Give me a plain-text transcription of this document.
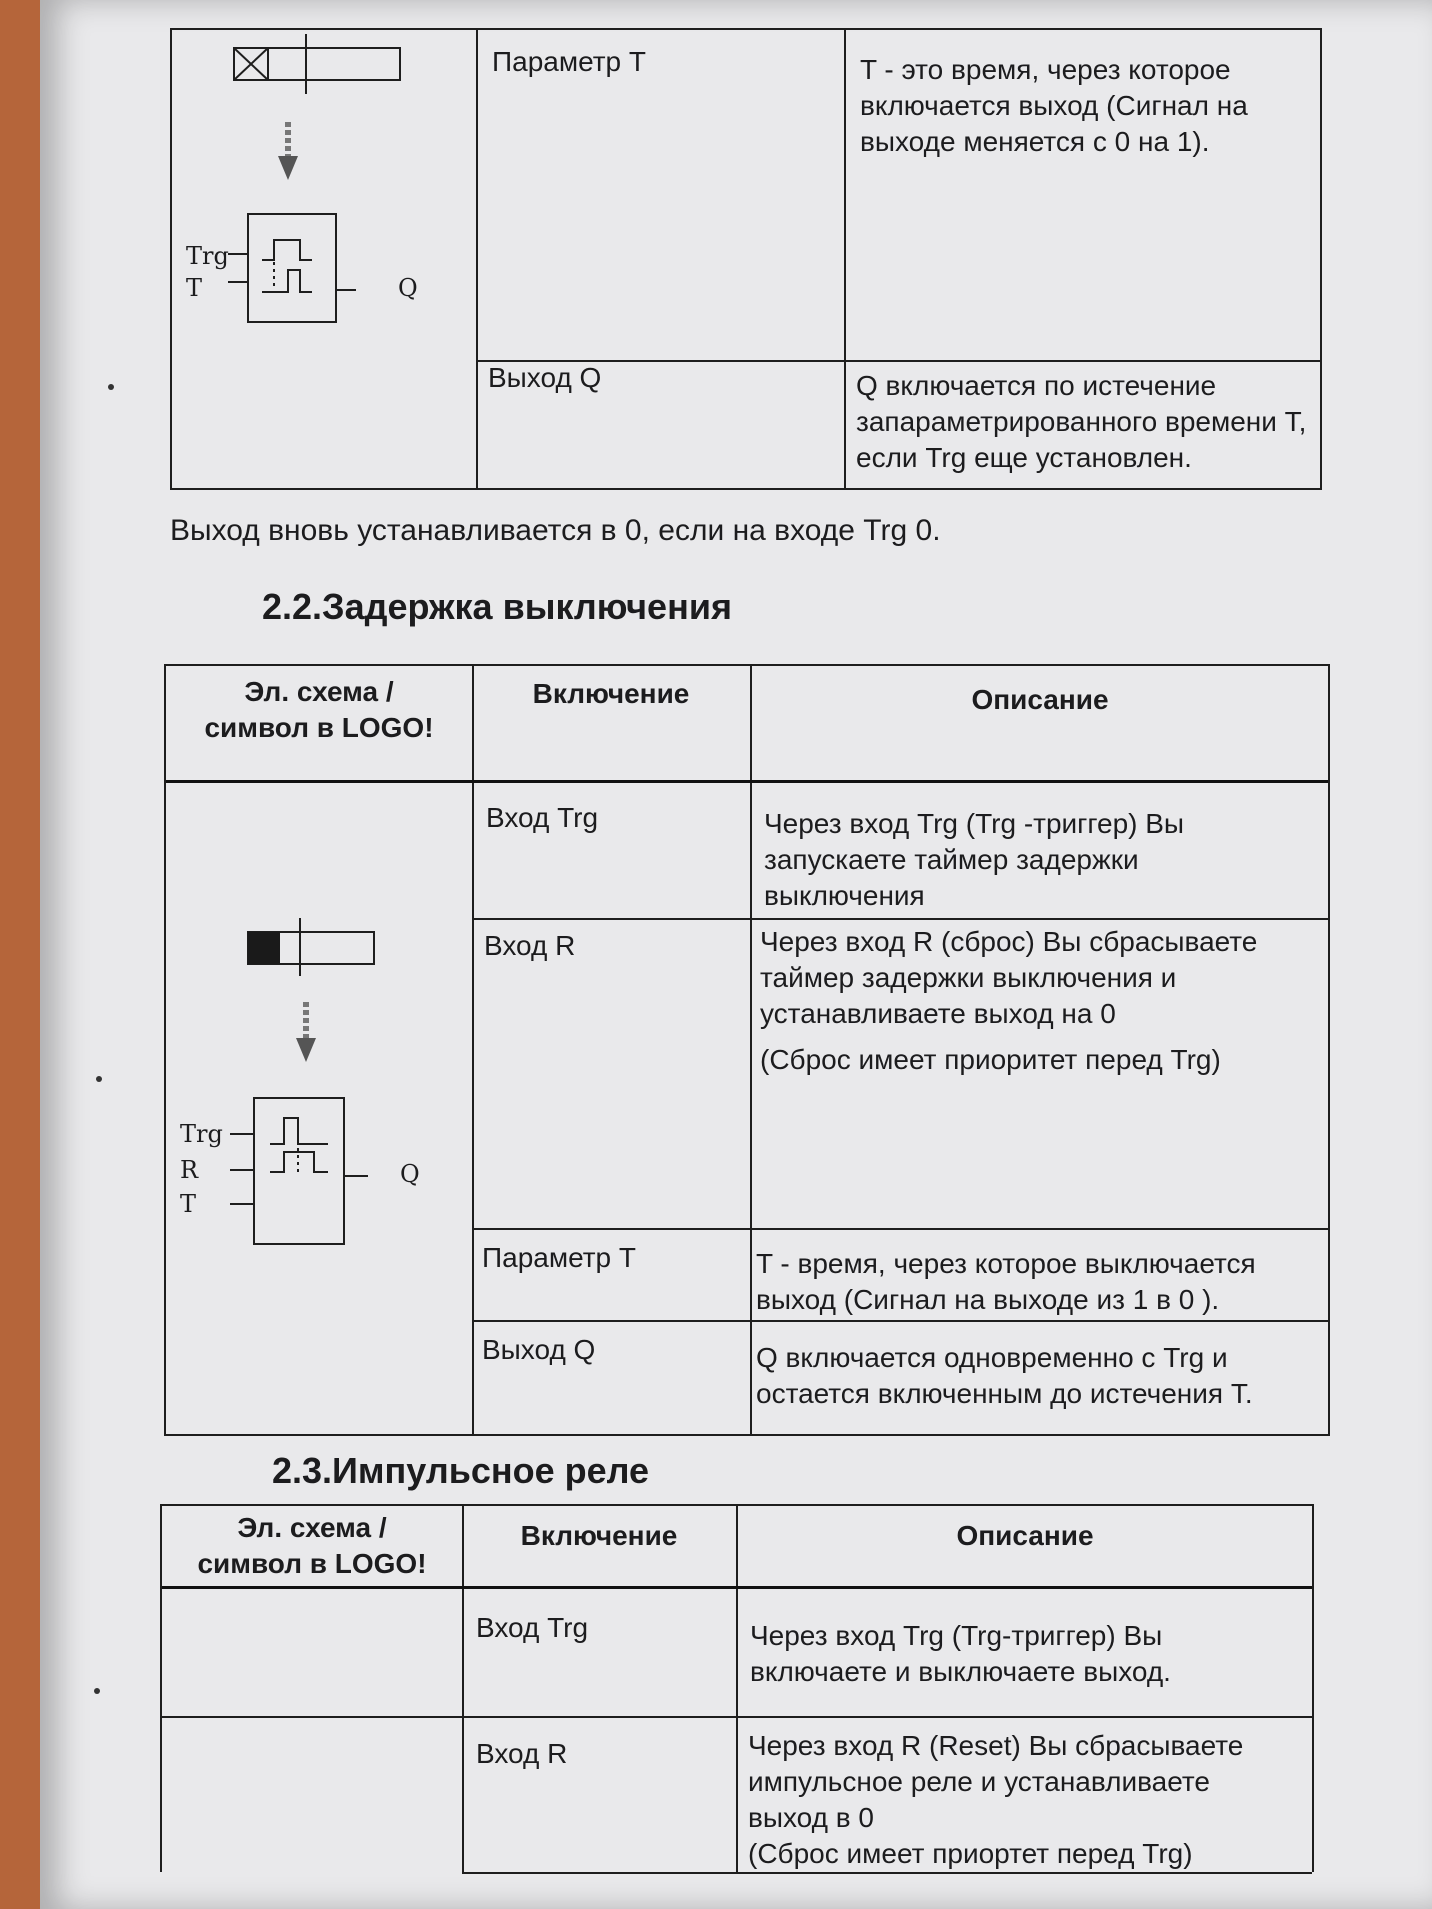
Параметр T	T - это время, через которое
включается выход (Сигнал на
выходе меняется с 0 на 1).
Выход Q	Q включается по истечение
запараметрированного времени T,
если Trg еще установлен.
Trg
T	Q
Выход вновь устанавливается в 0, если на входе Trg 0.
2.2.Задержка выключения
Эл. схема /
символ в LOGO!
Включение	Описание
Вход Trg	Через вход Trg (Trg -триггер) Вы
запускаете таймер задержки
выключения
Вход R	Через вход R (сброс) Вы сбрасываете
таймер задержки выключения и
устанавливаете выход на 0
(Сброс имеет приоритет перед Trg)
Параметр T	T - время, через которое выключается
выход (Сигнал на выходе из 1 в 0 ).
Выход Q	Q включается одновременно с Trg и
остается включенным до истечения T.
Trg
R
T
Q
2.3.Импульсное реле
Эл. схема /
символ в LOGO!
Включение	Описание
Вход Trg	Через вход Trg (Trg-триггер) Вы
включаете и выключаете выход.
Вход R	Через вход R (Reset) Вы сбрасываете
импульсное реле и устанавливаете
выход в 0
(Сброс имеет приортет перед Trg)
